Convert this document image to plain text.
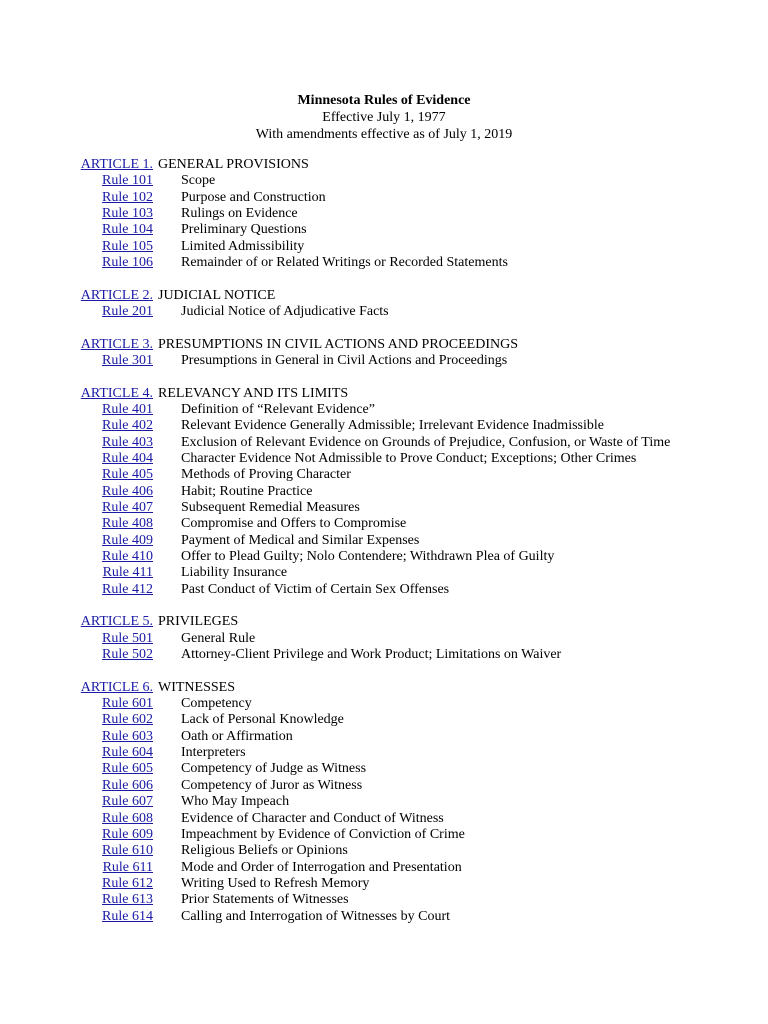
Minnesota Rules of Evidence
Effective July 1, 1977
With amendments effective as of July 1, 2019
ARTICLE 1. GENERAL PROVISIONS
Rule 101 Scope
Rule 102 Purpose and Construction
Rule 103 Rulings on Evidence
Rule 104 Preliminary Questions
Rule 105 Limited Admissibility
Rule 106 Remainder of or Related Writings or Recorded Statements
ARTICLE 2. JUDICIAL NOTICE
Rule 201 Judicial Notice of Adjudicative Facts
ARTICLE 3. PRESUMPTIONS IN CIVIL ACTIONS AND PROCEEDINGS
Rule 301 Presumptions in General in Civil Actions and Proceedings
ARTICLE 4. RELEVANCY AND ITS LIMITS
Rule 401 Definition of “Relevant Evidence”
Rule 402 Relevant Evidence Generally Admissible; Irrelevant Evidence Inadmissible
Rule 403 Exclusion of Relevant Evidence on Grounds of Prejudice, Confusion, or Waste of Time
Rule 404 Character Evidence Not Admissible to Prove Conduct; Exceptions; Other Crimes
Rule 405 Methods of Proving Character
Rule 406 Habit; Routine Practice
Rule 407 Subsequent Remedial Measures
Rule 408 Compromise and Offers to Compromise
Rule 409 Payment of Medical and Similar Expenses
Rule 410 Offer to Plead Guilty; Nolo Contendere; Withdrawn Plea of Guilty
Rule 411 Liability Insurance
Rule 412 Past Conduct of Victim of Certain Sex Offenses
ARTICLE 5. PRIVILEGES
Rule 501 General Rule
Rule 502 Attorney-Client Privilege and Work Product; Limitations on Waiver
ARTICLE 6. WITNESSES
Rule 601 Competency
Rule 602 Lack of Personal Knowledge
Rule 603 Oath or Affirmation
Rule 604 Interpreters
Rule 605 Competency of Judge as Witness
Rule 606 Competency of Juror as Witness
Rule 607 Who May Impeach
Rule 608 Evidence of Character and Conduct of Witness
Rule 609 Impeachment by Evidence of Conviction of Crime
Rule 610 Religious Beliefs or Opinions
Rule 611 Mode and Order of Interrogation and Presentation
Rule 612 Writing Used to Refresh Memory
Rule 613 Prior Statements of Witnesses
Rule 614 Calling and Interrogation of Witnesses by Court
